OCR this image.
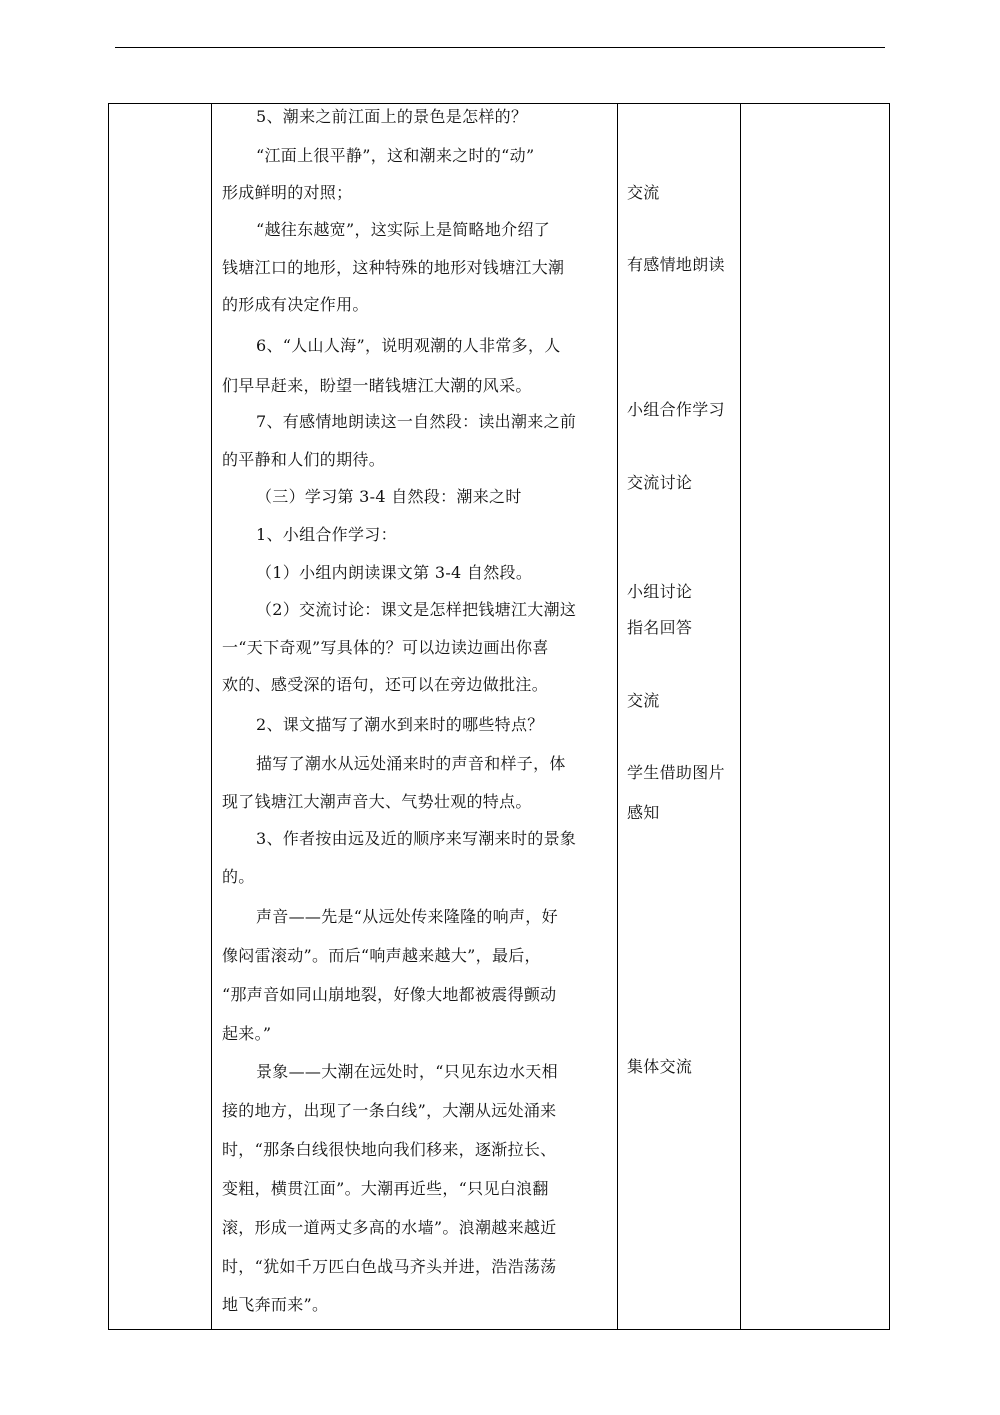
5、潮来之前江面上的景色是怎样的？
“江面上很平静”，这和潮来之时的“动”
形成鲜明的对照；
“越往东越宽”，这实际上是简略地介绍了
钱塘江口的地形，这种特殊的地形对钱塘江大潮
的形成有决定作用。
6、“人山人海”，说明观潮的人非常多，人
们早早赶来，盼望一睹钱塘江大潮的风采。
7、有感情地朗读这一自然段：读出潮来之前
的平静和人们的期待。
（三）学习第 3-4 自然段：潮来之时
1、小组合作学习：
（1）小组内朗读课文第 3-4 自然段。
（2）交流讨论：课文是怎样把钱塘江大潮这
一“天下奇观”写具体的？可以边读边画出你喜
欢的、感受深的语句，还可以在旁边做批注。
2、课文描写了潮水到来时的哪些特点？
描写了潮水从远处涌来时的声音和样子，体
现了钱塘江大潮声音大、气势壮观的特点。
3、作者按由远及近的顺序来写潮来时的景象
的。
声音——先是“从远处传来隆隆的响声，好
像闷雷滚动”。而后“响声越来越大”，最后，
“那声音如同山崩地裂，好像大地都被震得颤动
起来。”
景象——大潮在远处时，“只见东边水天相
接的地方，出现了一条白线”，大潮从远处涌来
时，“那条白线很快地向我们移来，逐渐拉长、
变粗，横贯江面”。大潮再近些，“只见白浪翻
滚，形成一道两丈多高的水墙”。浪潮越来越近
时，“犹如千万匹白色战马齐头并进，浩浩荡荡
地飞奔而来”。
交流
有感情地朗读
小组合作学习
交流讨论
小组讨论
指名回答
交流
学生借助图片
感知
集体交流
